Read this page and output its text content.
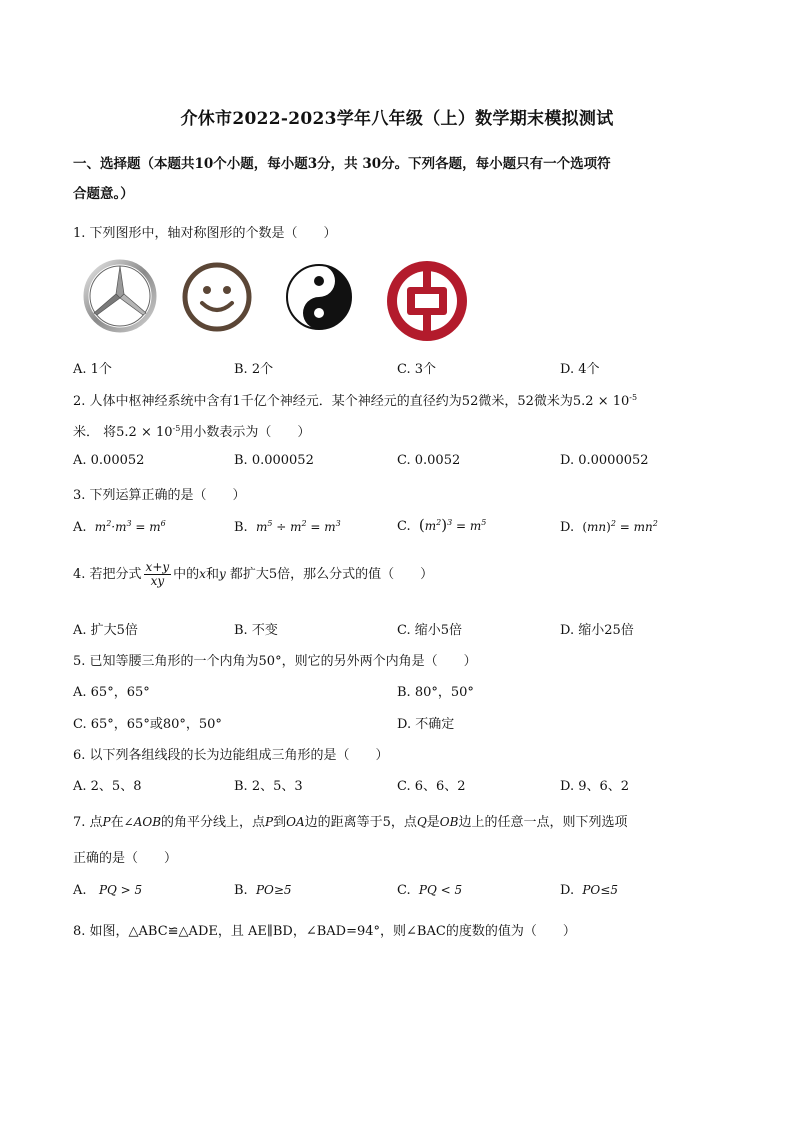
介休市2022-2023学年八年级（上）数学期末模拟测试
一、选择题（本题共10个小题，每小题3分，共 30分。下列各题，每小题只有一个选项符
合题意。）
1. 下列图形中，轴对称图形的个数是（　　）
A. 1个	B. 2个	C. 3个	D. 4个
2. 人体中枢神经系统中含有1千亿个神经元．某个神经元的直径约为52微米，52微米为$5.2 \times 10^{-5}$
米． 将$5.2 \times 10^{-5}$用小数表示为（　　）
A. 0.00052	B. 0.000052	C. 0.0052	D. 0.0000052
3. 下列运算正确的是（　　）
A. $m^2\cdot m^3 = m^6$	B. $m^5 \div m^2 = m^3$	C. $(m^2)^3 = m^5$	D. $(mn)^2 = mn^2$
4. 若把分式 $\frac{x+y}{xy}$ 中的x和y 都扩大5倍，那么分式的值（　　）
A. 扩大5倍	B. 不变	C. 缩小5倍	D. 缩小25倍
5. 已知等腰三角形的一个内角为50°，则它的另外两个内角是（　　）
A. 65°，65°	B. 80°，50°
C. 65°，65°或80°，50°	D. 不确定
6. 以下列各组线段的长为边能组成三角形的是（　　）
A. 2、5、8	B. 2、5、3	C. 6、6、2	D. 9、6、2
7. 点P在∠AOB的角平分线上，点P到OA边的距离等于5，点Q是OB边上的任意一点，则下列选项
正确的是（　　）
A. PQ > 5	B. PO≥5	C. PQ < 5	D. PO≤5
8. 如图，△ABC≌△ADE，且 AE∥BD，∠BAD=94°，则∠BAC的度数的值为（　　）
